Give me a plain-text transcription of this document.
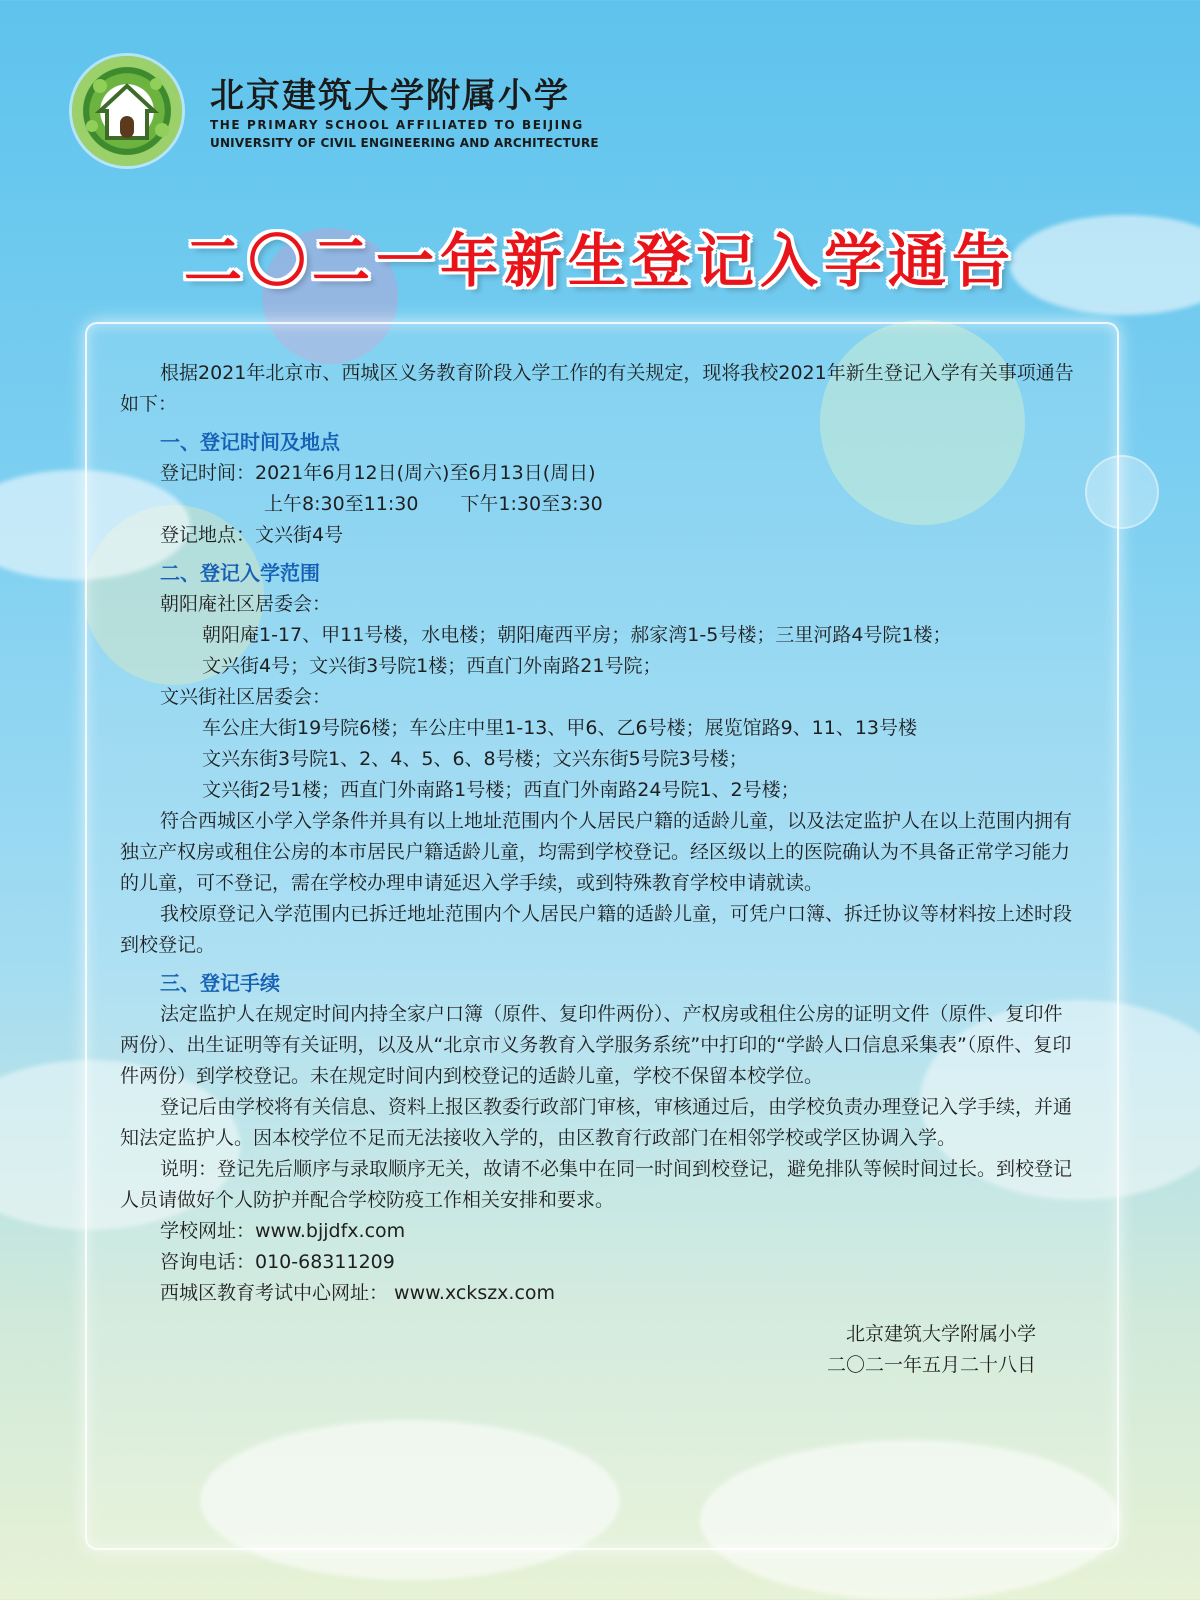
北京建筑大学附属小学
THE PRIMARY SCHOOL AFFILIATED TO BEIJING
UNIVERSITY OF CIVIL ENGINEERING AND ARCHITECTURE
二〇二一年新生登记入学通告

根据2021年北京市、西城区义务教育阶段入学工作的有关规定，现将我校2021年新生登记入学有关事项通告如下：

一、登记时间及地点
登记时间：2021年6月12日(周六)至6月13日(周日)
上午8:30至11:30 下午1:30至3:30
登记地点：文兴街4号
二、登记入学范围
朝阳庵社区居委会：
朝阳庵1-17、甲11号楼，水电楼；朝阳庵西平房；郝家湾1-5号楼；三里河路4号院1楼；
文兴街4号；文兴街3号院1楼；西直门外南路21号院；
文兴街社区居委会：
车公庄大街19号院6楼；车公庄中里1-13、甲6、乙6号楼；展览馆路9、11、13号楼
文兴东街3号院1、2、4、5、6、8号楼；文兴东街5号院3号楼；
文兴街2号1楼；西直门外南路1号楼；西直门外南路24号院1、2号楼；

符合西城区小学入学条件并具有以上地址范围内个人居民户籍的适龄儿童，以及法定监护人在以上范围内拥有独立产权房或租住公房的本市居民户籍适龄儿童，均需到学校登记。经区级以上的医院确认为不具备正常学习能力的儿童，可不登记，需在学校办理申请延迟入学手续，或到特殊教育学校申请就读。

我校原登记入学范围内已拆迁地址范围内个人居民户籍的适龄儿童，可凭户口簿、拆迁协议等材料按上述时段到校登记。

三、登记手续

法定监护人在规定时间内持全家户口簿（原件、复印件两份）、产权房或租住公房的证明文件（原件、复印件两份）、出生证明等有关证明，以及从“北京市义务教育入学服务系统”中打印的“学龄人口信息采集表”（原件、复印件两份）到学校登记。未在规定时间内到校登记的适龄儿童，学校不保留本校学位。

登记后由学校将有关信息、资料上报区教委行政部门审核，审核通过后，由学校负责办理登记入学手续，并通知法定监护人。因本校学位不足而无法接收入学的，由区教育行政部门在相邻学校或学区协调入学。

说明：登记先后顺序与录取顺序无关，故请不必集中在同一时间到校登记，避免排队等候时间过长。到校登记人员请做好个人防护并配合学校防疫工作相关安排和要求。

学校网址：www.bjjdfx.com
咨询电话：010-68311209
西城区教育考试中心网址： www.xckszx.com

北京建筑大学附属小学

二〇二一年五月二十八日
